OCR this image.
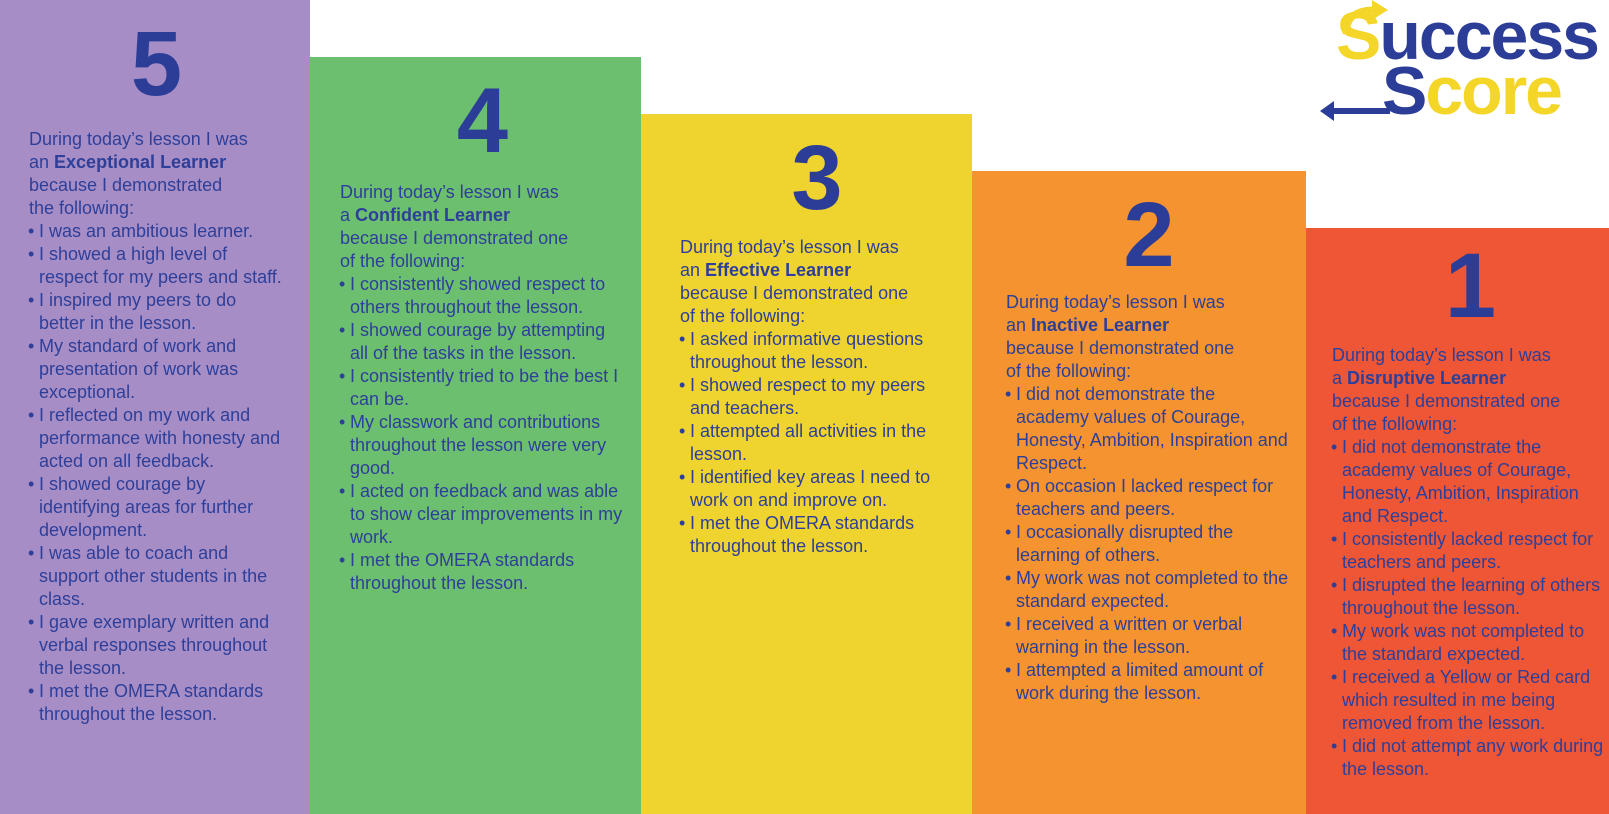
5

During today’s lesson I was
an Exceptional Learner
because I demonstrated
the following:

• I was an ambitious learner.
• I showed a high level of respect for my peers and staff.
• I inspired my peers to do better in the lesson.
• My standard of work and presentation of work was exceptional.
• I reflected on my work and performance with honesty and acted on all feedback.
• I showed courage by identifying areas for further development.
• I was able to coach and support other students in the class.
• I gave exemplary written and verbal responses throughout the lesson.
• I met the OMERA standards throughout the lesson.
4

During today’s lesson I was
a Confident Learner
because I demonstrated one
of the following:

• I consistently showed respect to others throughout the lesson.
• I showed courage by attempting all of the tasks in the lesson.
• I consistently tried to be the best I can be.
• My classwork and contributions throughout the lesson were very good.
• I acted on feedback and was able to show clear improvements in my work.
• I met the OMERA standards throughout the lesson.
3

During today’s lesson I was
an Effective Learner
because I demonstrated one
of the following:

• I asked informative questions throughout the lesson.
• I showed respect to my peers and teachers.
• I attempted all activities in the lesson.
• I identified key areas I need to work on and improve on.
• I met the OMERA standards throughout the lesson.
2

During today’s lesson I was
an Inactive Learner
because I demonstrated one
of the following:

• I did not demonstrate the academy values of Courage, Honesty, Ambition, Inspiration and Respect.
• On occasion I lacked respect for teachers and peers.
• I occasionally disrupted the learning of others.
• My work was not completed to the standard expected.
• I received a written or verbal warning in the lesson.
• I attempted a limited amount of work during the lesson.
1

During today’s lesson I was
a Disruptive Learner
because I demonstrated one
of the following:

• I did not demonstrate the academy values of Courage, Honesty, Ambition, Inspiration and Respect.
• I consistently lacked respect for teachers and peers.
• I disrupted the learning of others throughout the lesson.
• My work was not completed to the standard expected.
• I received a Yellow or Red card which resulted in me being removed from the lesson.
• I did not attempt any work during the lesson.
Success
Score
